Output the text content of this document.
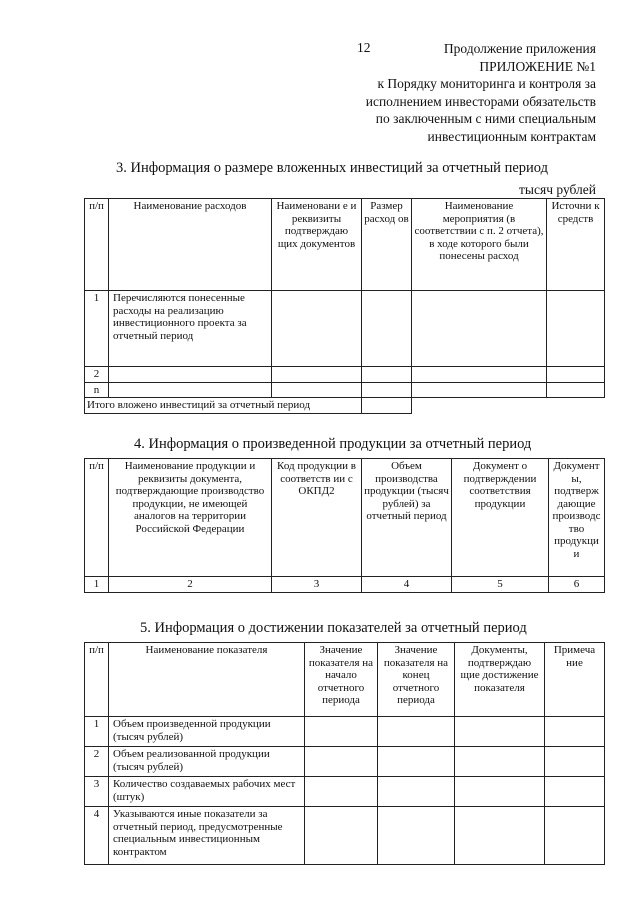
12	Продолжение приложения
ПРИЛОЖЕНИЕ №1
к Порядку мониторинга и контроля за
исполнением инвесторами обязательств
по заключенным с ними специальным
инвестиционным контрактам
3. Информация о размере вложенных инвестиций за отчетный период
тысяч рублей
п/п	Наименование расходов	Наименовани е и реквизиты подтверждаю щих документов	Размер расход ов	Наименование мероприятия (в соответствии с п. 2 отчета), в ходе которого были понесены расход	Источни к средств
1	Перечисляются понесенные расходы на реализацию инвестиционного проекта за отчетный период				
2					
n					
Итого вложено инвестиций за отчетный период					
4. Информация о произведенной продукции за отчетный период
п/п	Наименование продукции и реквизиты документа, подтверждающие производство продукции, не имеющей аналогов на территории Российской Федерации	Код продукции в соответств ии с ОКПД2	Объем производства продукции (тысяч рублей) за отчетный период	Документ о подтверждении соответствия продукции	Документ ы, подтверж дающие производс тво продукци и
1	2	3	4	5	6
5. Информация о достижении показателей за отчетный период
п/п	Наименование показателя	Значение показателя на начало отчетного периода	Значение показателя на конец отчетного периода	Документы, подтверждаю щие достижение показателя	Примеча ние
1	Объем произведенной продукции (тысяч рублей)				
2	Объем реализованной продукции (тысяч рублей)				
3	Количество создаваемых рабочих мест (штук)				
4	Указываются иные показатели за отчетный период, предусмотренные специальным инвестиционным контрактом				
